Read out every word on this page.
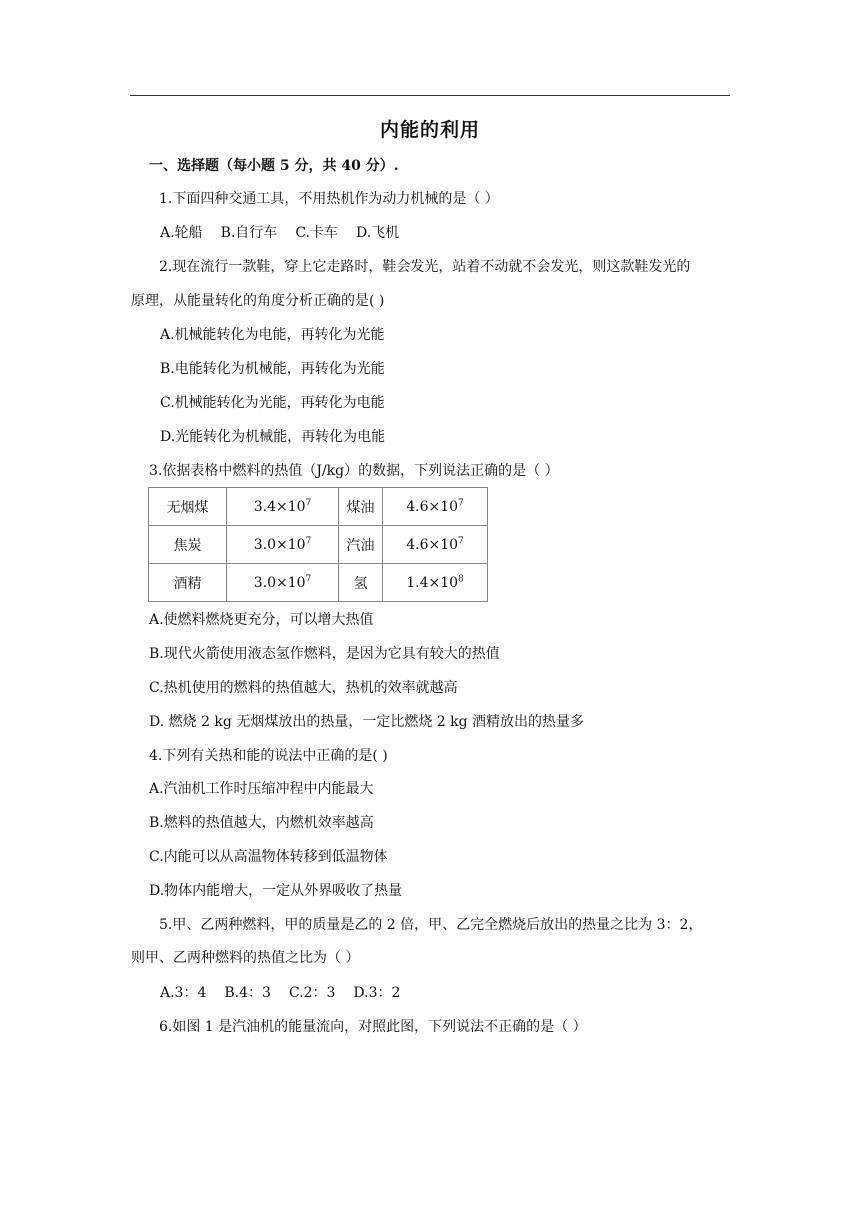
内能的利用
一、选择题（每小题 5 分，共 40 分）.
1.下面四种交通工具，不用热机作为动力机械的是（ ）
A.轮船 B.自行车 C.卡车 D.飞机
2.现在流行一款鞋，穿上它走路时，鞋会发光，站着不动就不会发光，则这款鞋发光的
原理，从能量转化的角度分析正确的是( )
A.机械能转化为电能，再转化为光能
B.电能转化为机械能，再转化为光能
C.机械能转化为光能，再转化为电能
D.光能转化为机械能，再转化为电能
3.依据表格中燃料的热值（J/kg）的数据，下列说法正确的是（ ）
无烟煤	$3.4\times 10^7$	煤油	$4.6\times 10^7$
焦炭	$3.0\times 10^7$	汽油	$4.6\times 10^7$
酒精	$3.0\times 10^7$	氢	$1.4\times 10^8$
A.使燃料燃烧更充分，可以增大热值
B.现代火箭使用液态氢作燃料，是因为它具有较大的热值
C.热机使用的燃料的热值越大，热机的效率就越高
D. 燃烧 2 kg 无烟煤放出的热量，一定比燃烧 2 kg 酒精放出的热量多
4.下列有关热和能的说法中正确的是( )
A.汽油机工作时压缩冲程中内能最大
B.燃料的热值越大，内燃机效率越高
C.内能可以从高温物体转移到低温物体
D.物体内能增大，一定从外界吸收了热量
5.甲、乙两种燃料，甲的质量是乙的 2 倍，甲、乙完全燃烧后放出的热量之比为 3：2，
则甲、乙两种燃料的热值之比为（ ）
A.3：4 B.4：3 C.2：3 D.3：2
6.如图 1 是汽油机的能量流向，对照此图，下列说法不正确的是（ ）
